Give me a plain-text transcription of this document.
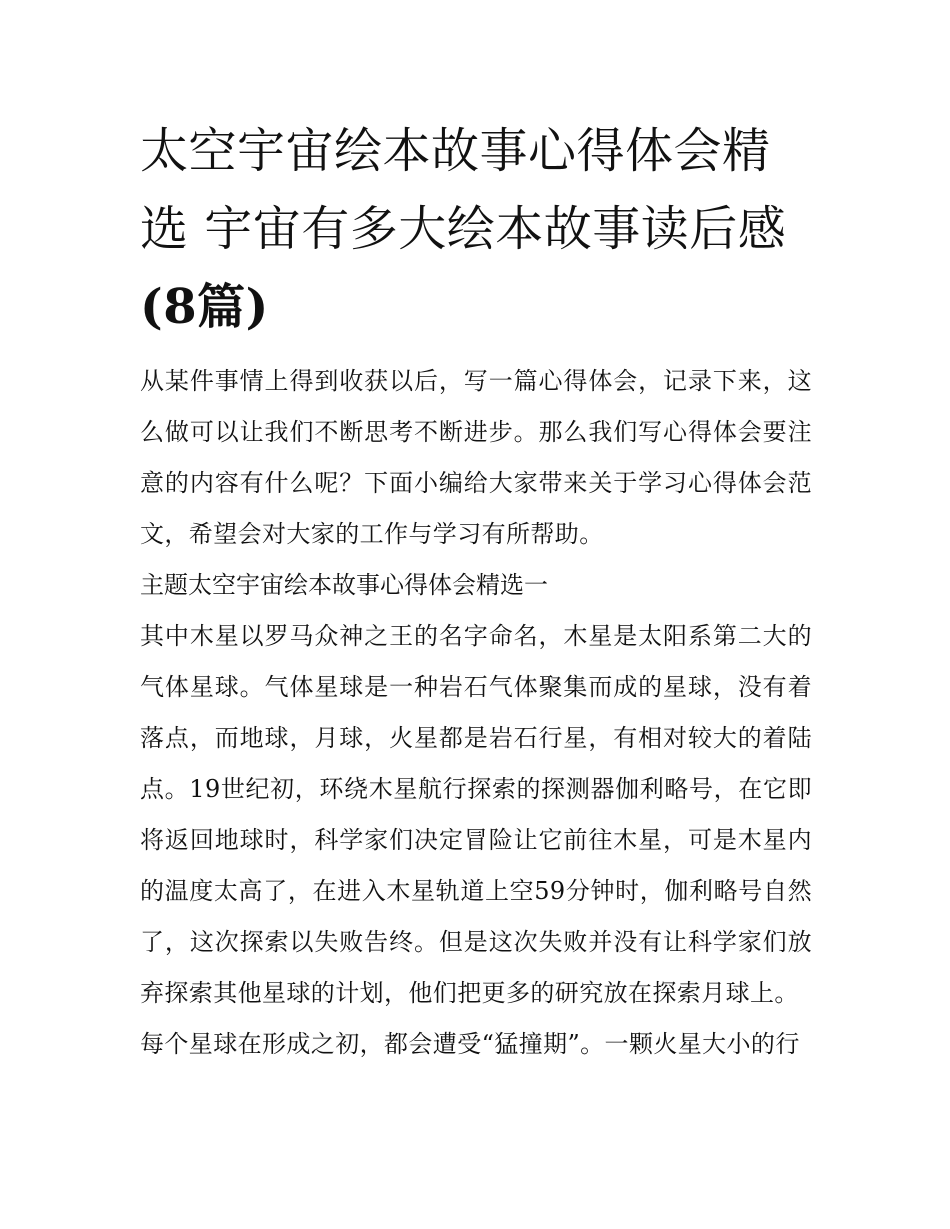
太空宇宙绘本故事心得体会精选 宇宙有多大绘本故事读后感
(8篇)

从某件事情上得到收获以后，写一篇心得体会，记录下来，这么做可以让我们不断思考不断进步。那么我们写心得体会要注意的内容有什么呢？下面小编给大家带来关于学习心得体会范文，希望会对大家的工作与学习有所帮助。

主题太空宇宙绘本故事心得体会精选一

其中木星以罗马众神之王的名字命名，木星是太阳系第二大的气体星球。气体星球是一种岩石气体聚集而成的星球，没有着落点，而地球，月球，火星都是岩石行星，有相对较大的着陆点。19世纪初，环绕木星航行探索的探测器伽利略号，在它即将返回地球时，科学家们决定冒险让它前往木星，可是木星内的温度太高了，在进入木星轨道上空59分钟时，伽利略号自然了，这次探索以失败告终。但是这次失败并没有让科学家们放弃探索其他星球的计划，他们把更多的研究放在探索月球上。

每个星球在形成之初，都会遭受“猛撞期”。一颗火星大小的行
